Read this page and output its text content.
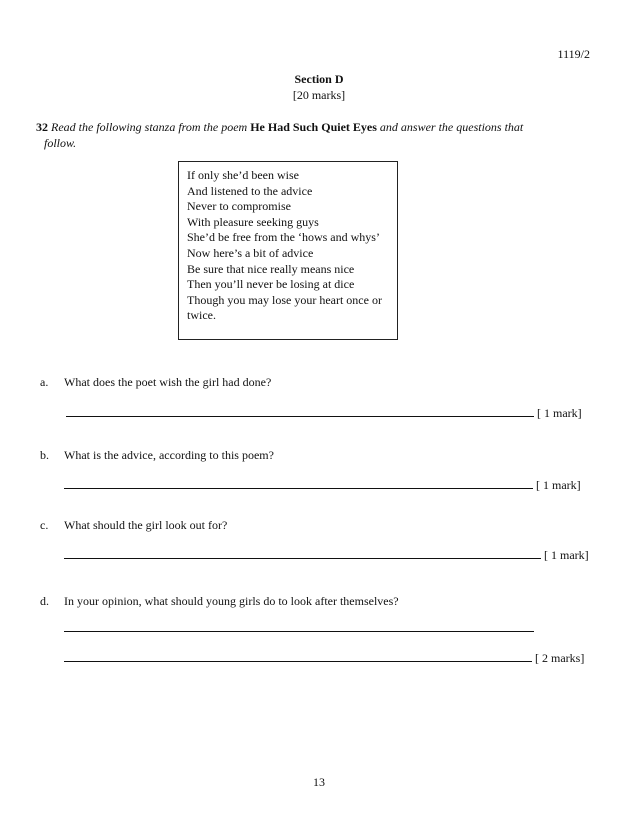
1119/2
Section D
[20 marks]
32 Read the following stanza from the poem He Had Such Quiet Eyes and answer the questions that
follow.
If only she’d been wise
And listened to the advice
Never to compromise
With pleasure seeking guys
She’d be free from the ‘hows and whys’
Now here’s a bit of advice
Be sure that nice really means nice
Then you’ll never be losing at dice
Though you may lose your heart once or
twice.
a. What does the poet wish the girl had done?
[ 1 mark]
b. What is the advice, according to this poem?
[ 1 mark]
c. What should the girl look out for?
[ 1 mark]
d. In your opinion, what should young girls do to look after themselves?
[ 2 marks]
13
